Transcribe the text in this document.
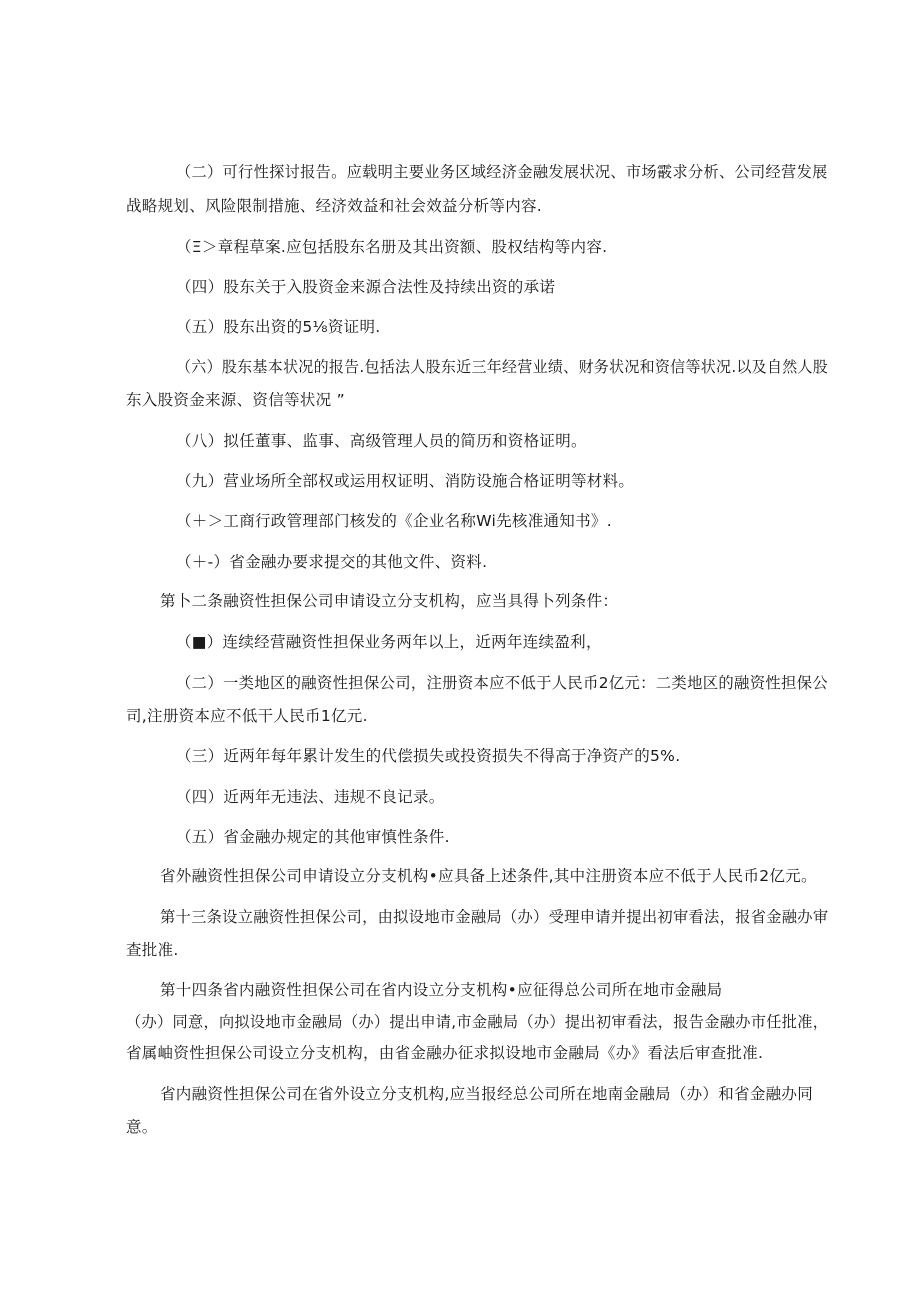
（二）可行性探讨报告。应载明主要业务区域经济金融发展状况、市场霰求分析、公司经营发展
战略规划、风险限制措施、经济效益和社会效益分析等内容.
（Ξ＞章程草案.应包括股东名册及其出资额、股权结构等内容.
（四）股东关于入股资金来源合法性及持续出资的承诺
（五）股东出资的5⅛资证明.
（六）股东基本状况的报告.包括法人股东近三年经营业绩、财务状况和资信等状况.以及自然人股
东入股资金来源、资信等状况 ”
（八）拟任董事、监事、高级管理人员的简历和资格证明。
（九）营业场所全部权或运用权证明、消防设施合格证明等材料。
（＋＞工商行政管理部门核发的《企业名称Wi先核准通知书》.
（＋-）省金融办要求提交的其他文件、资料.
第卜二条融资性担保公司申请设立分支机构，应当具得卜列条件：
（■）连续经营融资性担保业务两年以上，近两年连续盈利，
（二）一类地区的融资性担保公司，注册资本应不低于人民币2亿元：二类地区的融资性担保公
司,注册资本应不低干人民币1亿元.
（三）近两年每年累计发生的代偿损失或投资损失不得高于净资产的5%.
（四）近两年无违法、违规不良记录。
（五）省金融办规定的其他审慎性条件.
省外融资性担保公司申请设立分支机构•应具备上述条件,其中注册资本应不低于人民币2亿元。
第十三条设立融资性担保公司，由拟设地市金融局（办）受理申请并提出初审看法，报省金融办审
查批准.
第十四条省内融资性担保公司在省内设立分支机构•应征得总公司所在地市金融局
（办）同意，向拟设地市金融局（办）提出申请,市金融局（办）提出初审看法，报告金融办市任批准，
省属岫资性担保公司设立分支机构，由省金融办征求拟设地市金融局《办》看法后审查批准.
省内融资性担保公司在省外设立分支机构,应当报经总公司所在地南金融局（办）和省金融办同
意。
